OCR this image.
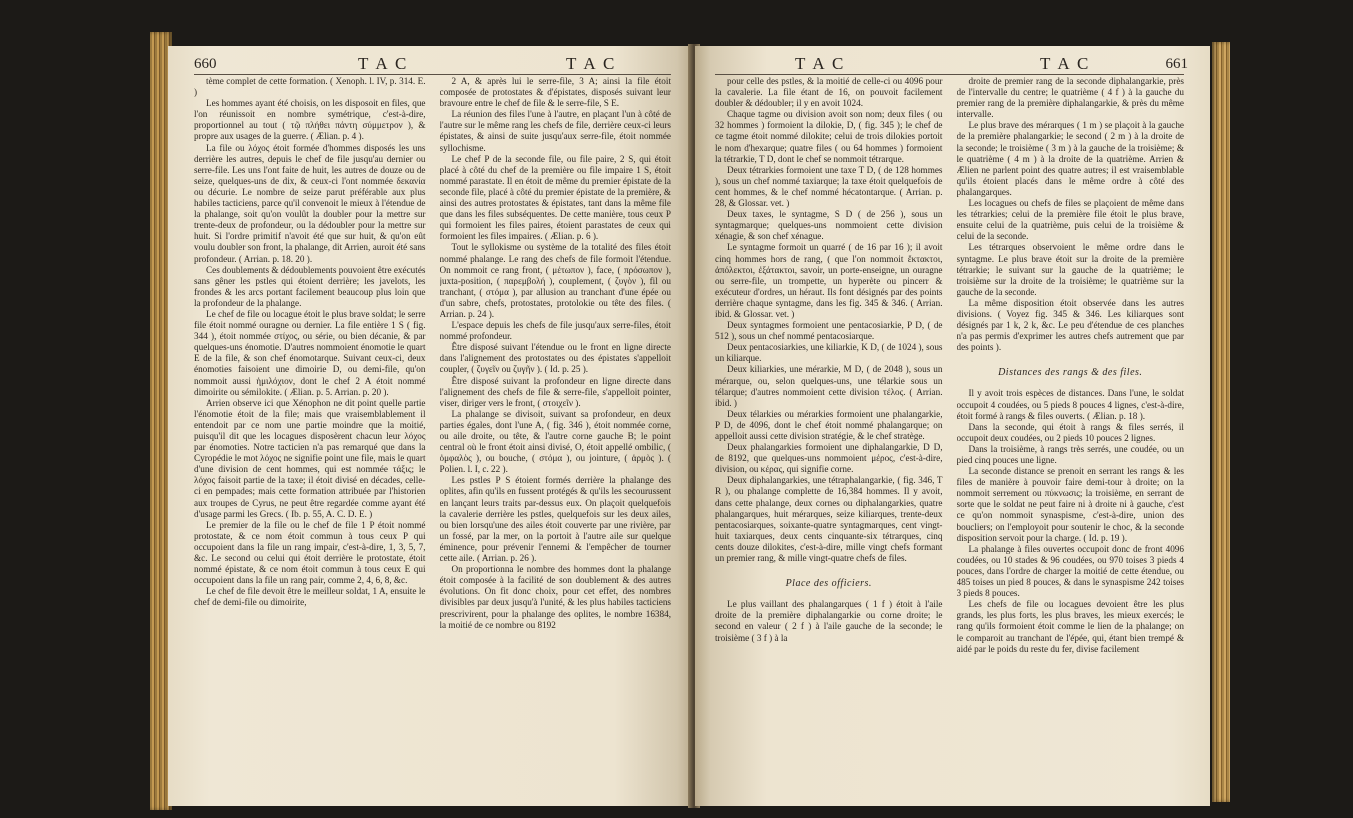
660	T A C	T A C

tème complet de cette formation. ( Xenoph. l. IV, p. 314. E. )

Les hommes ayant été choisis, on les disposoit en files, que l'on réunissoit en nombre symétrique, c'est-à-dire, proportionnel au tout ( τῷ πλήθει πάντη σύμμετρον ), & propre aux usages de la guerre. ( Ælian. p. 4 ).

La file ou λόχος étoit formée d'hommes disposés les uns derrière les autres, depuis le chef de file jusqu'au dernier ou serre-file. Les uns l'ont faite de huit, les autres de douze ou de seize, quelques-uns de dix, & ceux-ci l'ont nommée δεκανία ou décurie. Le nombre de seize parut préférable aux plus habiles tacticiens, parce qu'il convenoit le mieux à l'étendue de la phalange, soit qu'on voulût la doubler pour la mettre sur trente-deux de profondeur, ou la dédoubler pour la mettre sur huit. Si l'ordre primitif n'avoit été que sur huit, & qu'on eût voulu doubler son front, la phalange, dit Arrien, auroit été sans profondeur. ( Arrian. p. 18. 20 ).

Ces doublements & dédoublements pouvoient être exécutés sans gêner les pstles qui étoient derrière; les javelots, les frondes & les arcs portant facilement beaucoup plus loin que la profondeur de la phalange.

Le chef de file ou locague étoit le plus brave soldat; le serre file étoit nommé ouragne ou dernier. La file entière 1 S ( fig. 344 ), étoit nommée στίχος, ou série, ou bien décanie, & par quelques-uns énomotie. D'autres nommoient énomotie le quart E de la file, & son chef énomotarque. Suivant ceux-ci, deux énomoties faisoient une dimoirie D, ou demi-file, qu'on nommoit aussi ἡμιλόχιον, dont le chef 2 A étoit nommé dimoirite ou sémilokite. ( Ælian. p. 5. Arrian. p. 20 ).

Arrien observe ici que Xénophon ne dit point quelle partie l'énomotie étoit de la file; mais que vraisemblablement il entendoit par ce nom une partie moindre que la moitié, puisqu'il dit que les locagues disposèrent chacun leur λόχος par énomoties. Notre tacticien n'a pas remarqué que dans la Cyropédie le mot λόχος ne signifie point une file, mais le quart d'une division de cent hommes, qui est nommée τάξις; le λόχος faisoit partie de la taxe; il étoit divisé en décades, celle-ci en pempades; mais cette formation attribuée par l'historien aux troupes de Cyrus, ne peut être regardée comme ayant été d'usage parmi les Grecs. ( Ib. p. 55, A. C. D. E. )

Le premier de la file ou le chef de file 1 P étoit nommé protostate, & ce nom étoit commun à tous ceux P qui occupoient dans la file un rang impair, c'est-à-dire, 1, 3, 5, 7, &c. Le second ou celui qui étoit derrière le protostate, étoit nommé épistate, & ce nom étoit commun à tous ceux E qui occupoient dans la file un rang pair, comme 2, 4, 6, 8, &c.

Le chef de file devoit être le meilleur soldat, 1 A, ensuite le chef de demi-file ou dimoirite,

2 A, & après lui le serre-file, 3 A; ainsi la file étoit composée de protostates & d'épistates, disposés suivant leur bravoure entre le chef de file & le serre-file, S E.

La réunion des files l'une à l'autre, en plaçant l'un à côté de l'autre sur le même rang les chefs de file, derrière ceux-ci leurs épistates, & ainsi de suite jusqu'aux serre-file, étoit nommée syllochisme.

Le chef P de la seconde file, ou file paire, 2 S, qui étoit placé à côté du chef de la première ou file impaire 1 S, étoit nommé parastate. Il en étoit de même du premier épistate de la seconde file, placé à côté du premier épistate de la première, & ainsi des autres protostates & épistates, tant dans la même file que dans les files subséquentes. De cette manière, tous ceux P qui formoient les files paires, étoient parastates de ceux qui formoient les files impaires. ( Ælian. p. 6 ).

Tout le syllokisme ou système de la totalité des files étoit nommé phalange. Le rang des chefs de file formoit l'étendue. On nommoit ce rang front, ( μέτωπον ), face, ( πρόσωπον ), juxta-position, ( παρεμβολή ), couplement, ( ζυγὸν ), fil ou tranchant, ( στόμα ), par allusion au tranchant d'une épée ou d'un sabre, chefs, protostates, protolokie ou tête des files. ( Arrian. p. 24 ).

L'espace depuis les chefs de file jusqu'aux serre-files, étoit nommé profondeur.

Être disposé suivant l'étendue ou le front en ligne directe dans l'alignement des protostates ou des épistates s'appelloit coupler, ( ζυγεῖν ou ζυγῆν ). ( Id. p. 25 ).

Être disposé suivant la profondeur en ligne directe dans l'alignement des chefs de file & serre-file, s'appelloit pointer, viser, diriger vers le front, ( στοιχεῖν ).

La phalange se divisoit, suivant sa profondeur, en deux parties égales, dont l'une A, ( fig. 346 ), étoit nommée corne, ou aile droite, ou tête, & l'autre corne gauche B; le point central où le front étoit ainsi divisé, O, étoit appellé ombilic, ( ὀμφαλὸς ), ou bouche, ( στόμα ), ou jointure, ( ἁρμὸς ). ( Polien. l. I, c. 22 ).

Les pstles P S étoient formés derrière la phalange des oplites, afin qu'ils en fussent protégés & qu'ils les secourussent en lançant leurs traits par-dessus eux. On plaçoit quelquefois la cavalerie derrière les pstles, quelquefois sur les deux ailes, ou bien lorsqu'une des ailes étoit couverte par une rivière, par un fossé, par la mer, on la portoit à l'autre aile sur quelque éminence, pour prévenir l'ennemi & l'empêcher de tourner cette aile. ( Arrian. p. 26 ).

On proportionna le nombre des hommes dont la phalange étoit composée à la facilité de son doublement & des autres évolutions. On fit donc choix, pour cet effet, des nombres divisibles par deux jusqu'à l'unité, & les plus habiles tacticiens prescrivirent, pour la phalange des oplites, le nombre 16384, la moitié de ce nombre ou 8192

T A C	T A C	661

pour celle des pstles, & la moitié de celle-ci ou 4096 pour la cavalerie. La file étant de 16, on pouvoit facilement doubler & dédoubler; il y en avoit 1024.

Chaque tagme ou division avoit son nom; deux files ( ou 32 hommes ) formoient la dilokie, D, ( fig. 345 ); le chef de ce tagme étoit nommé dilokite; celui de trois dilokies portoit le nom d'hexarque; quatre files ( ou 64 hommes ) formoient la tétrarkie, T D, dont le chef se nommoit tétrarque.

Deux tétrarkies formoient une taxe T D, ( de 128 hommes ), sous un chef nommé taxiarque; la taxe étoit quelquefois de cent hommes, & le chef nommé hécatontarque. ( Arrian. p. 28, & Glossar. vet. )

Deux taxes, le syntagme, S D ( de 256 ), sous un syntagmarque; quelques-uns nommoient cette division xénagie, & son chef xénague.

Le syntagme formoit un quarré ( de 16 par 16 ); il avoit cinq hommes hors de rang, ( que l'on nommoit ἔκτακτοι, ἀπόλεκτοι, ἐξάτακτοι, savoir, un porte-enseigne, un ouragne ou serre-file, un trompette, un hyperète ou pincerr & exécuteur d'ordres, un héraut. Ils font désignés par des points derrière chaque syntagme, dans les fig. 345 & 346. ( Arrian. ibid. & Glossar. vet. )

Deux syntagmes formoient une pentacosiarkie, P D, ( de 512 ), sous un chef nommé pentacosiarque.

Deux pentacosiarkies, une kiliarkie, K D, ( de 1024 ), sous un kiliarque.

Deux kiliarkies, une mérarkie, M D, ( de 2048 ), sous un mérarque, ou, selon quelques-uns, une télarkie sous un télarque; d'autres nommoient cette division τέλος. ( Arrian. ibid. )

Deux télarkies ou mérarkies formoient une phalangarkie, P D, de 4096, dont le chef étoit nommé phalangarque; on appelloit aussi cette division stratégie, & le chef stratège.

Deux phalangarkies formoient une diphalangarkie, D D, de 8192, que quelques-uns nommoient μέρος, c'est-à-dire, division, ou κέρας, qui signifie corne.

Deux diphalangarkies, une tétraphalangarkie, ( fig. 346, T R ), ou phalange complette de 16,384 hommes. Il y avoit, dans cette phalange, deux cornes ou diphalangarkies, quatre phalangarques, huit mérarques, seize kiliarques, trente-deux pentacosiarques, soixante-quatre syntagmarques, cent vingt-huit taxiarques, deux cents cinquante-six tétrarques, cinq cents douze dilokites, c'est-à-dire, mille vingt chefs formant un premier rang, & mille vingt-quatre chefs de files.

Place des officiers.

Le plus vaillant des phalangarques ( 1 f ) étoit à l'aile droite de la première diphalangarkie ou corne droite; le second en valeur ( 2 f ) à l'aile gauche de la seconde; le troisième ( 3 f ) à la

droite de premier rang de la seconde diphalangarkie, près de l'intervalle du centre; le quatrième ( 4 f ) à la gauche du premier rang de la première diphalangarkie, & près du même intervalle.

Le plus brave des mérarques ( 1 m ) se plaçoit à la gauche de la première phalangarkie; le second ( 2 m ) à la droite de la seconde; le troisième ( 3 m ) à la gauche de la troisième; & le quatrième ( 4 m ) à la droite de la quatrième. Arrien & Ælien ne parlent point des quatre autres; il est vraisemblable qu'ils étoient placés dans le même ordre à côté des phalangarques.

Les locagues ou chefs de files se plaçoient de même dans les tétrarkies; celui de la première file étoit le plus brave, ensuite celui de la quatrième, puis celui de la troisième & celui de la seconde.

Les tétrarques observoient le même ordre dans le syntagme. Le plus brave étoit sur la droite de la première tétrarkie; le suivant sur la gauche de la quatrième; le troisième sur la droite de la troisième; le quatrième sur la gauche de la seconde.

La même disposition étoit observée dans les autres divisions. ( Voyez fig. 345 & 346. Les kiliarques sont désignés par 1 k, 2 k, &c. Le peu d'étendue de ces planches n'a pas permis d'exprimer les autres chefs autrement que par des points ).

Distances des rangs & des files.

Il y avoit trois espèces de distances. Dans l'une, le soldat occupoit 4 coudées, ou 5 pieds 8 pouces 4 lignes, c'est-à-dire, étoit formé à rangs & files ouverts. ( Ælian. p. 18 ).

Dans la seconde, qui étoit à rangs & files serrés, il occupoit deux coudées, ou 2 pieds 10 pouces 2 lignes.

Dans la troisième, à rangs très serrés, une coudée, ou un pied cinq pouces une ligne.

La seconde distance se prenoit en serrant les rangs & les files de manière à pouvoir faire demi-tour à droite; on la nommoit serrement ou πύκνωσις; la troisième, en serrant de sorte que le soldat ne peut faire ni à droite ni à gauche, c'est ce qu'on nommoit synaspisme, c'est-à-dire, union des boucliers; on l'employoit pour soutenir le choc, & la seconde disposition servoit pour la charge. ( Id. p. 19 ).

La phalange à files ouvertes occupoit donc de front 4096 coudées, ou 10 stades & 96 coudées, ou 970 toises 3 pieds 4 pouces, dans l'ordre de charger la moitié de cette étendue, ou 485 toises un pied 8 pouces, & dans le synaspisme 242 toises 3 pieds 8 pouces.

Les chefs de file ou locagues devoient être les plus grands, les plus forts, les plus braves, les mieux exercés; le rang qu'ils formoient étoit comme le lien de la phalange; on le comparoit au tranchant de l'épée, qui, étant bien trempé & aidé par le poids du reste du fer, divise facilement
